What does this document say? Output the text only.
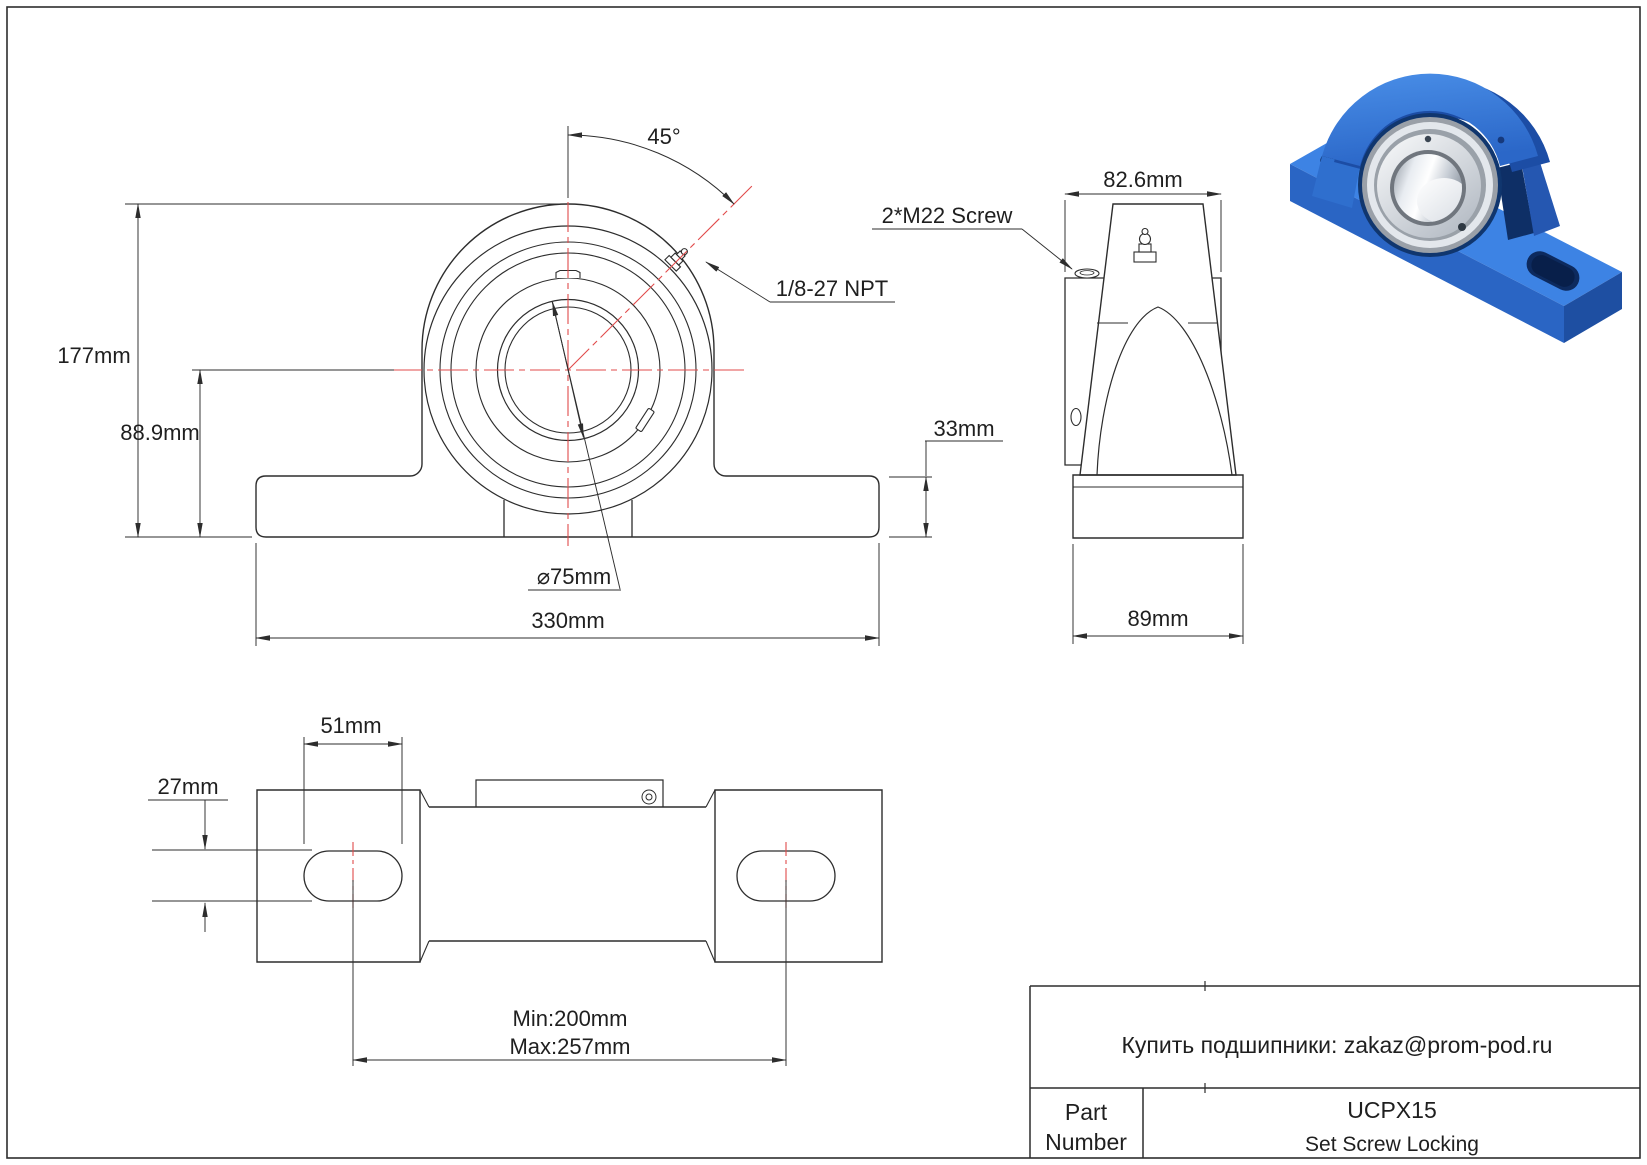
177mm
88.9mm
45°
1/8-27 NPT
⌀75mm
330mm
33mm
82.6mm
89mm
2*M22 Screw
51mm
27mm
Min:200mm
Max:257mm	Купить подшипники: zakaz@prom-pod.ru
Part
Number
UCPX15
Set Screw Locking
